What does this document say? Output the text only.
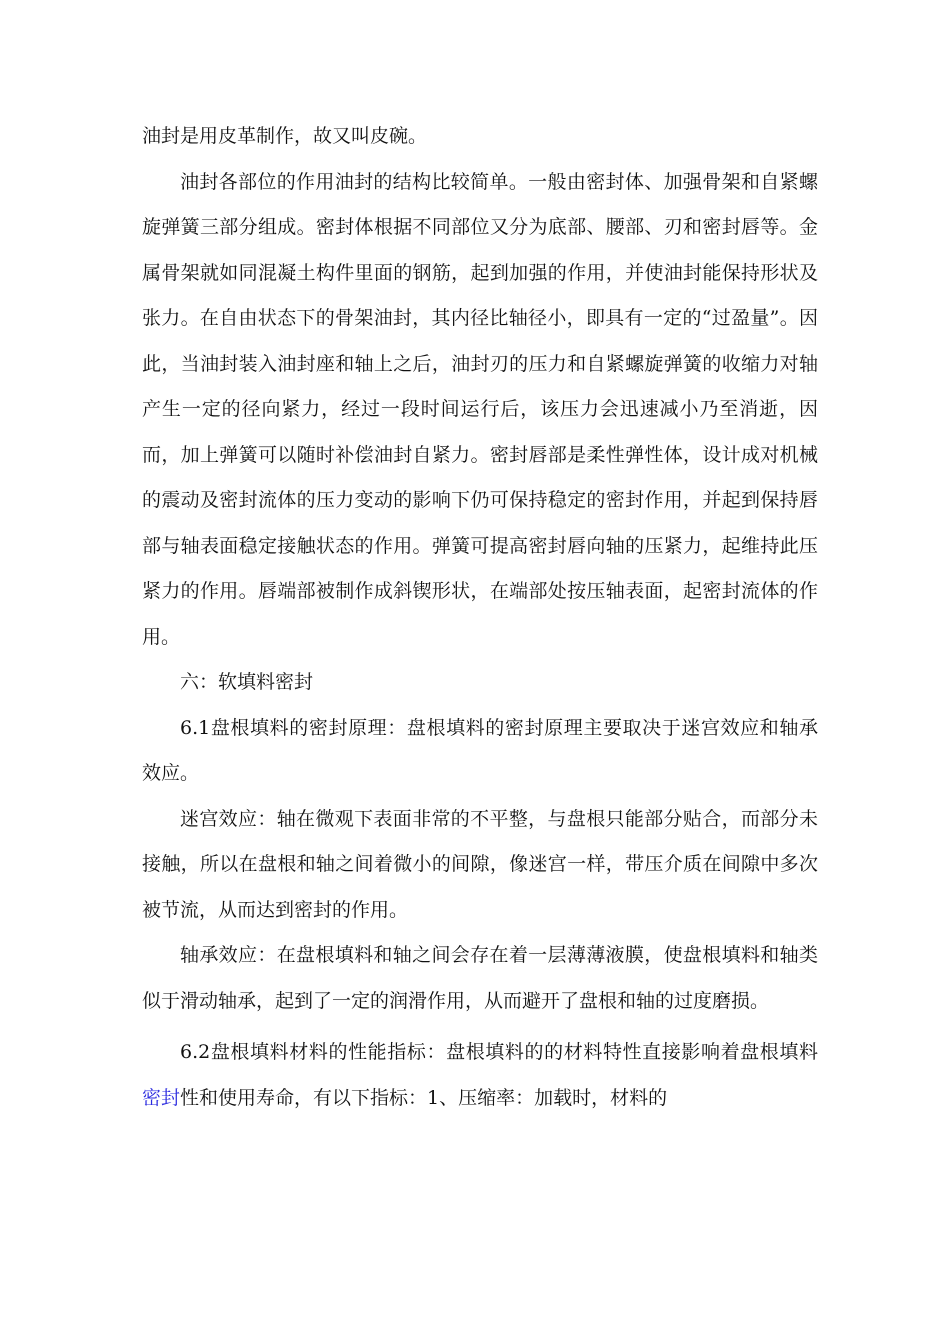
油封是用皮革制作，故又叫皮碗。

油封各部位的作用油封的结构比较简单。一般由密封体、加强骨架和自紧螺旋弹簧三部分组成。密封体根据不同部位又分为底部、腰部、刃和密封唇等。金属骨架就如同混凝土构件里面的钢筋，起到加强的作用，并使油封能保持形状及张力。在自由状态下的骨架油封，其内径比轴径小，即具有一定的“过盈量”。因此，当油封装入油封座和轴上之后，油封刃的压力和自紧螺旋弹簧的收缩力对轴产生一定的径向紧力，经过一段时间运行后，该压力会迅速减小乃至消逝，因而，加上弹簧可以随时补偿油封自紧力。密封唇部是柔性弹性体，设计成对机械的震动及密封流体的压力变动的影响下仍可保持稳定的密封作用，并起到保持唇部与轴表面稳定接触状态的作用。弹簧可提高密封唇向轴的压紧力，起维持此压紧力的作用。唇端部被制作成斜锲形状，在端部处按压轴表面，起密封流体的作用。

六：软填料密封

6.1盘根填料的密封原理：盘根填料的密封原理主要取决于迷宫效应和轴承效应。

迷宫效应：轴在微观下表面非常的不平整，与盘根只能部分贴合，而部分未接触，所以在盘根和轴之间着微小的间隙，像迷宫一样，带压介质在间隙中多次被节流，从而达到密封的作用。

轴承效应：在盘根填料和轴之间会存在着一层薄薄液膜，使盘根填料和轴类似于滑动轴承，起到了一定的润滑作用，从而避开了盘根和轴的过度磨损。

6.2盘根填料材料的性能指标：盘根填料的的材料特性直接影响着盘根填料密封性和使用寿命，有以下指标：1、压缩率：加载时，材料的
